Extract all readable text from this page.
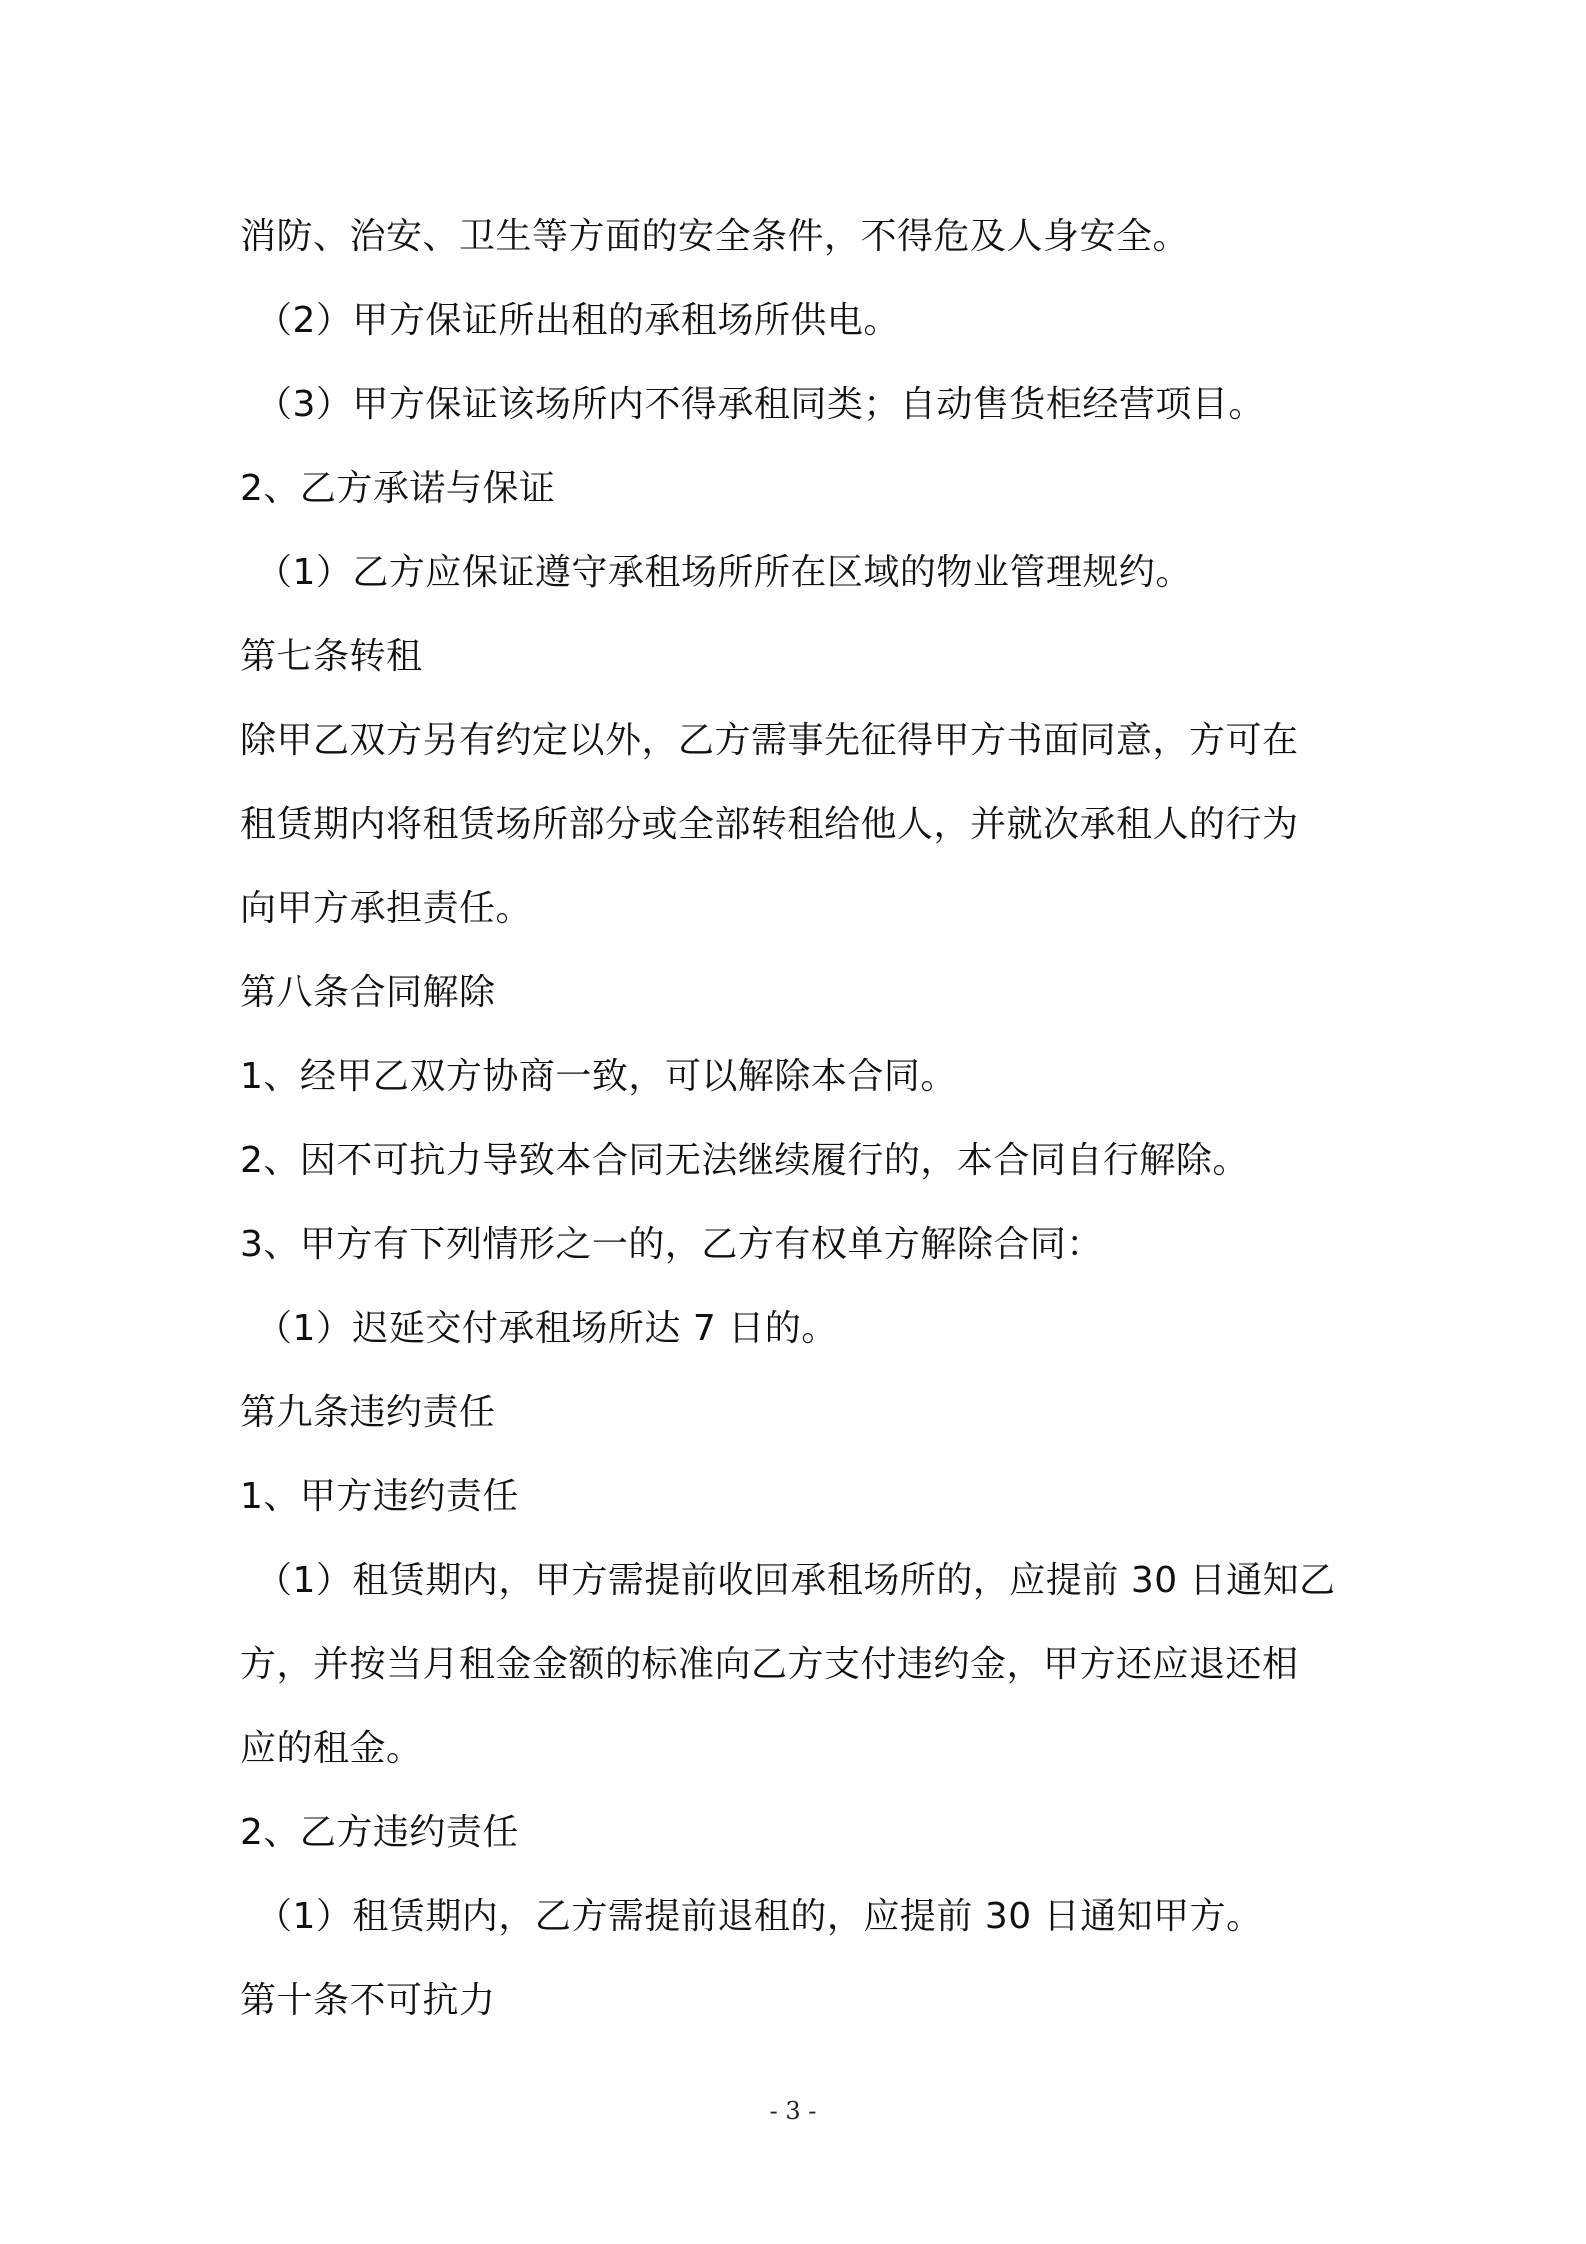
消防、治安、卫生等方面的安全条件，不得危及人身安全。
（2）甲方保证所出租的承租场所供电。
（3）甲方保证该场所内不得承租同类；自动售货柜经营项目。
2、乙方承诺与保证
（1）乙方应保证遵守承租场所所在区域的物业管理规约。
第七条转租
除甲乙双方另有约定以外，乙方需事先征得甲方书面同意，方可在
租赁期内将租赁场所部分或全部转租给他人，并就次承租人的行为
向甲方承担责任。
第八条合同解除
1、经甲乙双方协商一致，可以解除本合同。
2、因不可抗力导致本合同无法继续履行的，本合同自行解除。
3、甲方有下列情形之一的，乙方有权单方解除合同：
（1）迟延交付承租场所达 7 日的。
第九条违约责任
1、甲方违约责任
（1）租赁期内，甲方需提前收回承租场所的，应提前 30 日通知乙
方，并按当月租金金额的标准向乙方支付违约金，甲方还应退还相
应的租金。
2、乙方违约责任
（1）租赁期内，乙方需提前退租的，应提前 30 日通知甲方。
第十条不可抗力
- 3 -
